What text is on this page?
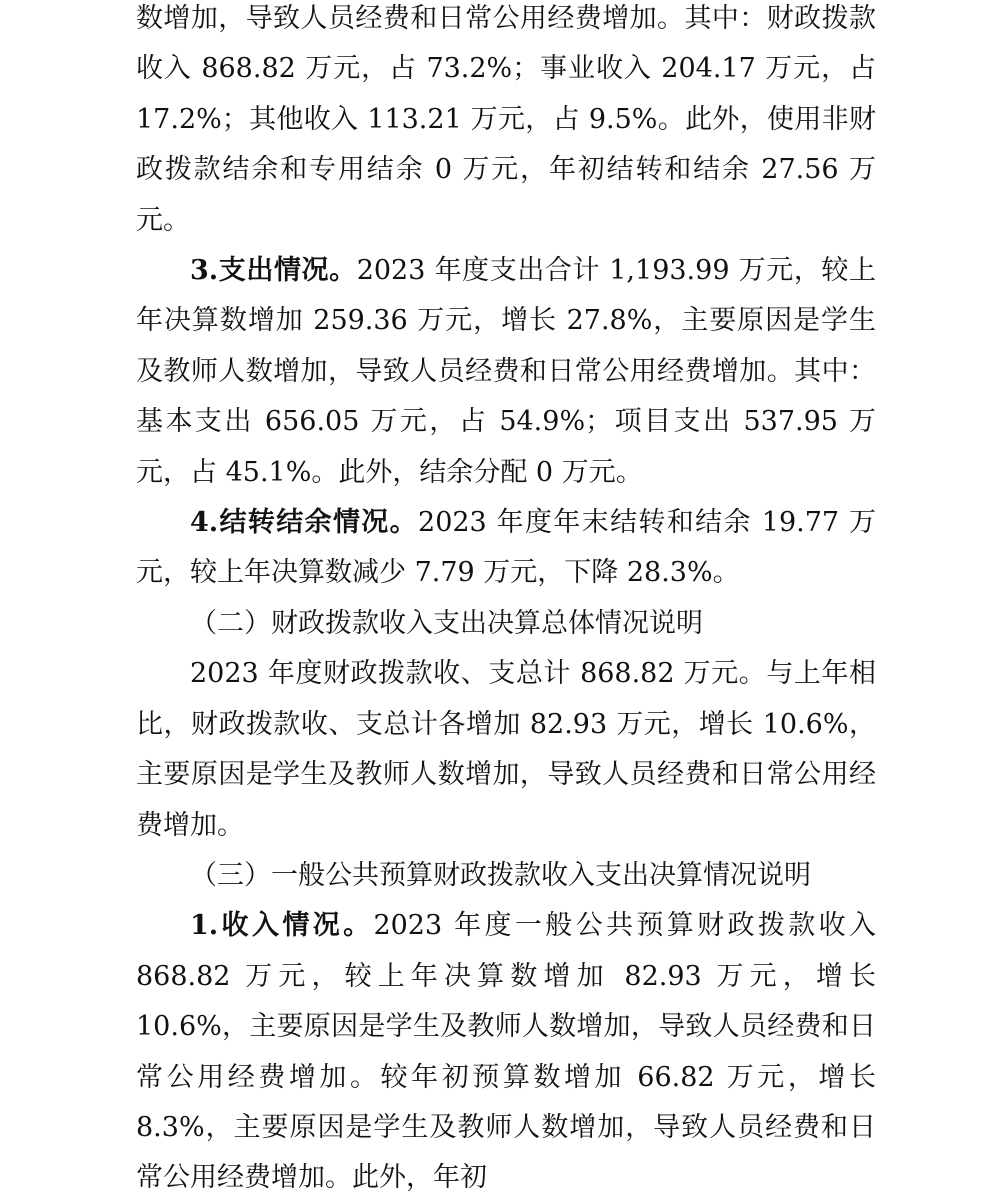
数增加，导致人员经费和日常公用经费增加。其中：财政拨款收入 868.82 万元，占 73.2%；事业收入 204.17 万元，占 17.2%；其他收入 113.21 万元，占 9.5%。此外，使用非财政拨款结余和专用结余 0 万元，年初结转和结余 27.56 万元。

3.支出情况。2023 年度支出合计 1,193.99 万元，较上年决算数增加 259.36 万元，增长 27.8%，主要原因是学生及教师人数增加，导致人员经费和日常公用经费增加。其中：基本支出 656.05 万元，占 54.9%；项目支出 537.95 万元，占 45.1%。此外，结余分配 0 万元。

4.结转结余情况。2023 年度年末结转和结余 19.77 万元，较上年决算数减少 7.79 万元，下降 28.3%。

（二）财政拨款收入支出决算总体情况说明

2023 年度财政拨款收、支总计 868.82 万元。与上年相比，财政拨款收、支总计各增加 82.93 万元，增长 10.6%，主要原因是学生及教师人数增加，导致人员经费和日常公用经费增加。

（三）一般公共预算财政拨款收入支出决算情况说明

1.收入情况。2023 年度一般公共预算财政拨款收入 868.82 万元，较上年决算数增加 82.93 万元，增长 10.6%，主要原因是学生及教师人数增加，导致人员经费和日常公用经费增加。较年初预算数增加 66.82 万元，增长 8.3%，主要原因是学生及教师人数增加，导致人员经费和日常公用经费增加。此外，年初
